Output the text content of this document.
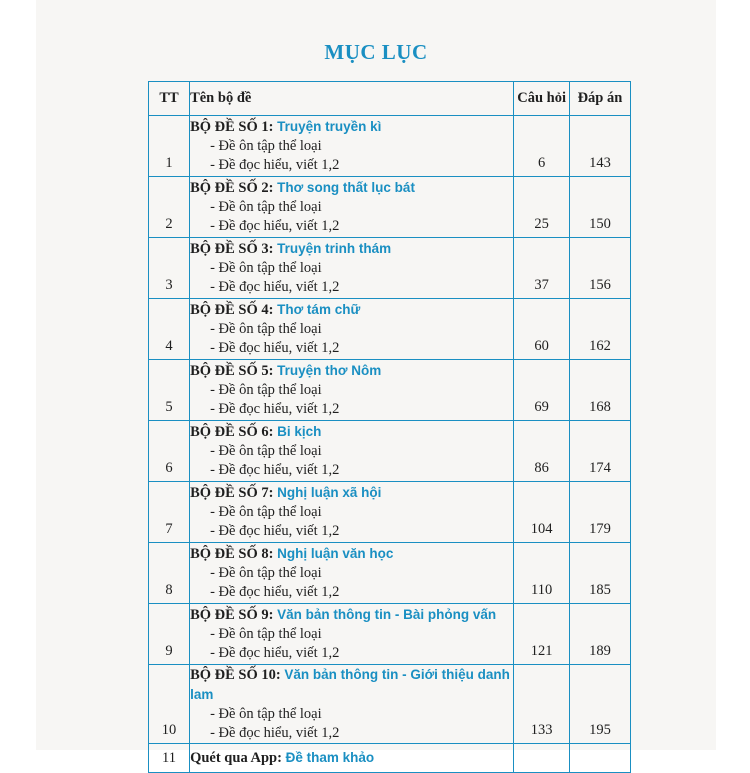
MỤC LỤC
TT	Tên bộ đề	Câu hỏi	Đáp án
1	BỘ ĐỀ SỐ 1: Truyện truyền kì
- Đề ôn tập thể loại
- Đề đọc hiểu, viết 1,2	6	143
2	BỘ ĐỀ SỐ 2: Thơ song thất lục bát
- Đề ôn tập thể loại
- Đề đọc hiểu, viết 1,2	25	150
3	BỘ ĐỀ SỐ 3: Truyện trinh thám
- Đề ôn tập thể loại
- Đề đọc hiểu, viết 1,2	37	156
4	BỘ ĐỀ SỐ 4: Thơ tám chữ
- Đề ôn tập thể loại
- Đề đọc hiểu, viết 1,2	60	162
5	BỘ ĐỀ SỐ 5: Truyện thơ Nôm
- Đề ôn tập thể loại
- Đề đọc hiểu, viết 1,2	69	168
6	BỘ ĐỀ SỐ 6: Bi kịch
- Đề ôn tập thể loại
- Đề đọc hiểu, viết 1,2	86	174
7	BỘ ĐỀ SỐ 7: Nghị luận xã hội
- Đề ôn tập thể loại
- Đề đọc hiểu, viết 1,2	104	179
8	BỘ ĐỀ SỐ 8: Nghị luận văn học
- Đề ôn tập thể loại
- Đề đọc hiểu, viết 1,2	110	185
9	BỘ ĐỀ SỐ 9: Văn bản thông tin - Bài phỏng vấn
- Đề ôn tập thể loại
- Đề đọc hiểu, viết 1,2	121	189
10	BỘ ĐỀ SỐ 10: Văn bản thông tin - Giới thiệu danh lam
- Đề ôn tập thể loại
- Đề đọc hiểu, viết 1,2	133	195
11	Quét qua App: Đề tham khảo		
